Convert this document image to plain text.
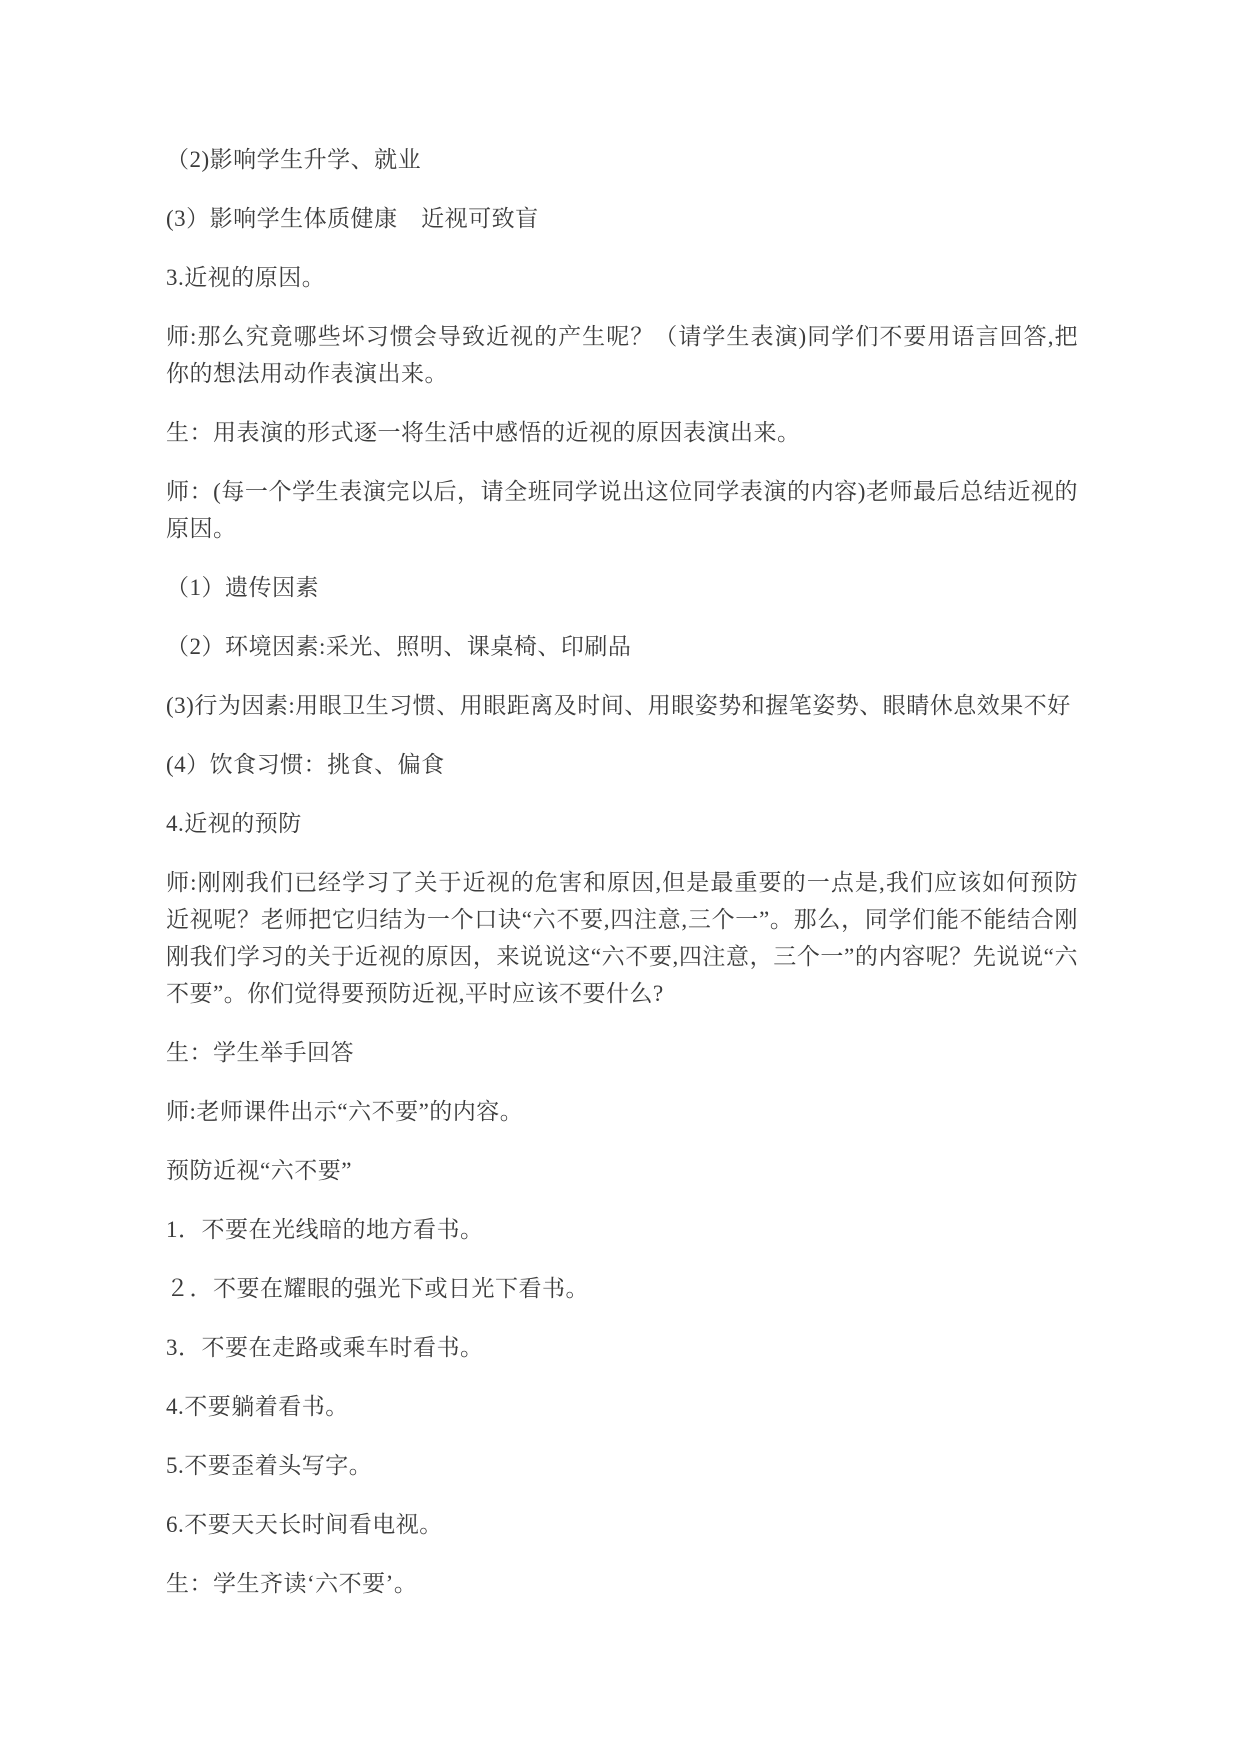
（2)影响学生升学、就业

(3）影响学生体质健康　近视可致盲

3.近视的原因。

师:那么究竟哪些坏习惯会导致近视的产生呢？（请学生表演)同学们不要用语言回答,把你的想法用动作表演出来。

生：用表演的形式逐一将生活中感悟的近视的原因表演出来。

师：(每一个学生表演完以后，请全班同学说出这位同学表演的内容)老师最后总结近视的原因。

（1）遗传因素

（2）环境因素:采光、照明、课桌椅、印刷品

(3)行为因素:用眼卫生习惯、用眼距离及时间、用眼姿势和握笔姿势、眼睛休息效果不好

(4）饮食习惯：挑食、偏食

4.近视的预防

师:刚刚我们已经学习了关于近视的危害和原因,但是最重要的一点是,我们应该如何预防近视呢？老师把它归结为一个口诀“六不要,四注意,三个一”。那么，同学们能不能结合刚刚我们学习的关于近视的原因，来说说这“六不要,四注意，三个一”的内容呢？先说说“六不要”。你们觉得要预防近视,平时应该不要什么?

生：学生举手回答

师:老师课件出示“六不要”的内容。

预防近视“六不要”

1．不要在光线暗的地方看书。

２．不要在耀眼的强光下或日光下看书。

3．不要在走路或乘车时看书。

4.不要躺着看书。

5.不要歪着头写字。

6.不要天天长时间看电视。

生：学生齐读‘六不要’。
